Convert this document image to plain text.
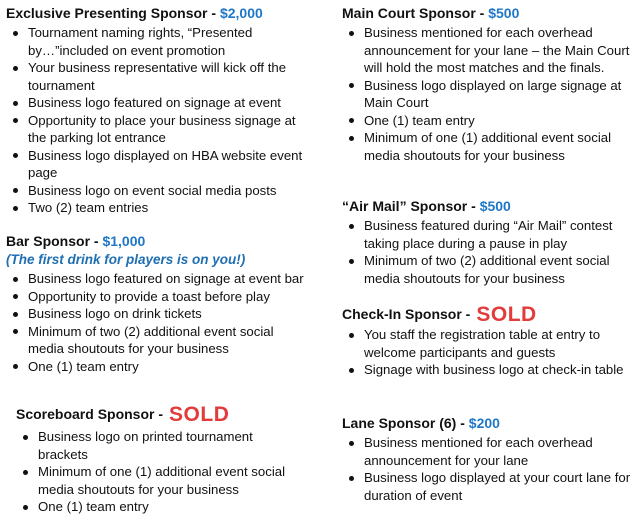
Exclusive Presenting Sponsor - $2,000
Tournament naming rights, “Presented by…”included on event promotion
Your business representative will kick off the tournament
Business logo featured on signage at event
Opportunity to place your business signage at the parking lot entrance
Business logo displayed on HBA website event page
Business logo on event social media posts
Two (2) team entries
Bar Sponsor - $1,000
(The first drink for players is on you!)
Business logo featured on signage at event bar
Opportunity to provide a toast before play
Business logo on drink tickets
Minimum of two (2) additional event social media shoutouts for your business
One (1) team entry
Scoreboard Sponsor - SOLD
Business logo on printed tournament brackets
Minimum of one (1) additional event social media shoutouts for your business
One (1) team entry
Main Court Sponsor - $500
Business mentioned for each overhead announcement for your lane – the Main Court will hold the most matches and the finals.
Business logo displayed on large signage at Main Court
One (1) team entry
Minimum of one (1) additional event social media shoutouts for your business
“Air Mail” Sponsor - $500
Business featured during “Air Mail” contest taking place during a pause in play
Minimum of two (2) additional event social media shoutouts for your business
Check-In Sponsor - SOLD
You staff the registration table at entry to welcome participants and guests
Signage with business logo at check-in table
Lane Sponsor (6) - $200
Business mentioned for each overhead announcement for your lane
Business logo displayed at your court lane for duration of event
